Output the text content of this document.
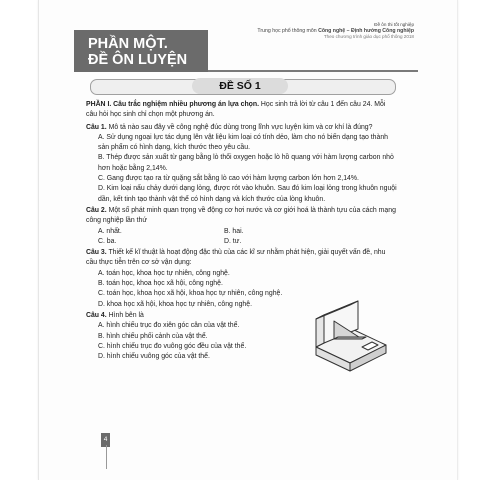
Đề ôn thi tốt nghiệp
Trung học phổ thông môn Công nghệ – Định hướng Công nghiệp
Theo chương trình giáo dục phổ thông 2018
PHẦN MỘT.
ĐỀ ÔN LUYỆN
ĐỀ SỐ 1

PHẦN I. Câu trắc nghiệm nhiều phương án lựa chọn. Học sinh trả lời từ câu 1 đến câu 24. Mỗi câu hỏi học sinh chỉ chọn một phương án.

Câu 1. Mô tả nào sau đây về công nghệ đúc dùng trong lĩnh vực luyện kim và cơ khí là đúng?

A. Sử dụng ngoại lực tác dụng lên vật liệu kim loại có tính dẻo, làm cho nó biến dạng tạo thành sản phẩm có hình dạng, kích thước theo yêu cầu.

B. Thép được sản xuất từ gang bằng lò thổi oxygen hoặc lò hồ quang với hàm lượng carbon nhỏ hơn hoặc bằng 2,14%.

C. Gang được tạo ra từ quặng sắt bằng lò cao với hàm lượng carbon lớn hơn 2,14%.

D. Kim loại nấu chảy dưới dạng lỏng, được rót vào khuôn. Sau đó kim loại lỏng trong khuôn nguội dần, kết tinh tạo thành vật thể có hình dạng và kích thước của lòng khuôn.

Câu 2. Một số phát minh quan trọng về động cơ hơi nước và cơ giới hoá là thành tựu của cách mạng công nghiệp lần thứ

A. nhất.	B. hai.
C. ba.	D. tư.

Câu 3. Thiết kế kĩ thuật là hoạt động đặc thù của các kĩ sư nhằm phát hiện, giải quyết vấn đề, nhu cầu thực tiễn trên cơ sở vận dụng:

A. toán học, khoa học tự nhiên, công nghệ.

B. toán học, khoa học xã hội, công nghệ.

C. toán học, khoa học xã hội, khoa học tự nhiên, công nghệ.

D. khoa học xã hội, khoa học tự nhiên, công nghệ.

Câu 4. Hình bên là

A. hình chiếu trục đo xiên góc cân của vật thể.

B. hình chiếu phối cảnh của vật thể.

C. hình chiếu trục đo vuông góc đều của vật thể.

D. hình chiếu vuông góc của vật thể.

4
